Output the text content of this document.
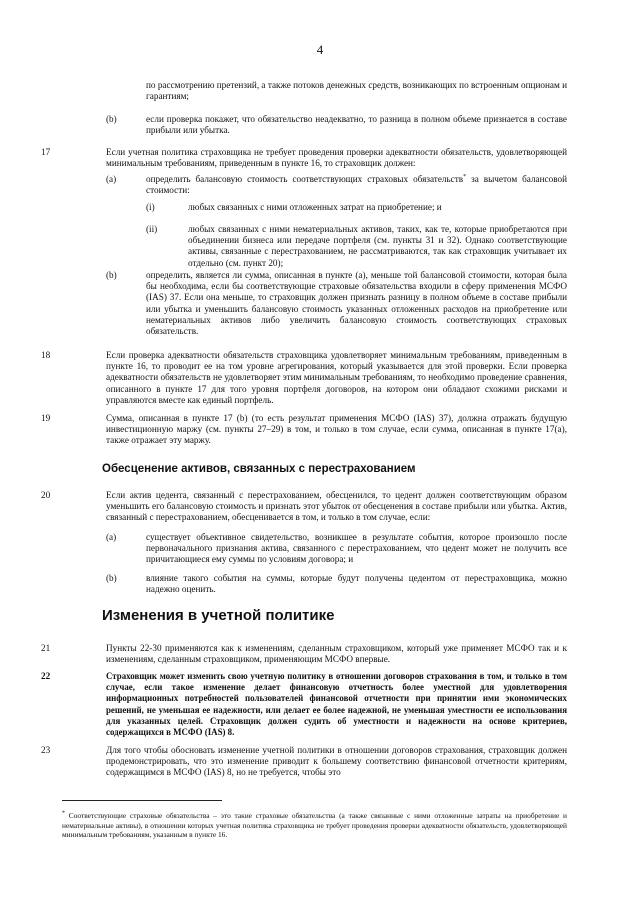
4
по рассмотрению претензий, а также потоков денежных средств, возникающих по встроенным опционам и гарантиям;
(b)	если проверка покажет, что обязательство неадекватно, то разница в полном объеме признается в составе прибыли или убытка.
17	Если учетная политика страховщика не требует проведения проверки адекватности обязательств, удовлетворяющей минимальным требованиям, приведенным в пункте 16, то страховщик должен:
(a)	определить балансовую стоимость соответствующих страховых обязательств* за вычетом балансовой стоимости:
(i)	любых связанных с ними отложенных затрат на приобретение; и
(ii)	любых связанных с ними нематериальных активов, таких, как те, которые приобретаются при объединении бизнеса или передаче портфеля (см. пункты 31 и 32). Однако соответствующие активы, связанные с перестрахованием, не рассматриваются, так как страховщик учитывает их отдельно (см. пункт 20);
(b)	определить, является ли сумма, описанная в пункте (a), меньше той балансовой стоимости, которая была бы необходима, если бы соответствующие страховые обязательства входили в сферу применения МСФО (IAS) 37. Если она меньше, то страховщик должен признать разницу в полном объеме в составе прибыли или убытка и уменьшить балансовую стоимость указанных отложенных расходов на приобретение или нематериальных активов либо увеличить балансовую стоимость соответствующих страховых обязательств.
18	Если проверка адекватности обязательств страховщика удовлетворяет минимальным требованиям, приведенным в пункте 16, то проводит ее на том уровне агрегирования, который указывается для этой проверки. Если проверка адекватности обязательств не удовлетворяет этим минимальным требованиям, то необходимо проведение сравнения, описанного в пункте 17 для того уровня портфеля договоров, на котором они обладают схожими рисками и управляются вместе как единый портфель.
19	Сумма, описанная в пункте 17 (b) (то есть результат применения МСФО (IAS) 37), должна отражать будущую инвестиционную маржу (см. пункты 27–29) в том, и только в том случае, если сумма, описанная в пункте 17(a), также отражает эту маржу.
Обесценение активов, связанных с перестрахованием
20	Если актив цедента, связанный с перестрахованием, обесценился, то цедент должен соответствующим образом уменьшить его балансовую стоимость и признать этот убыток от обесценения в составе прибыли или убытка. Актив, связанный с перестрахованием, обесценивается в том, и только в том случае, если:
(a)	существует объективное свидетельство, возникшее в результате события, которое произошло после первоначального признания актива, связанного с перестрахованием, что цедент может не получить все причитающиеся ему суммы по условиям договора; и
(b)	влияние такого события на суммы, которые будут получены цедентом от перестраховщика, можно надежно оценить.
Изменения в учетной политике
21	Пункты 22-30 применяются как к изменениям, сделанным страховщиком, который уже применяет МСФО так и к изменениям, сделанным страховщиком, применяющим МСФО впервые.
22	Страховщик может изменить свою учетную политику в отношении договоров страхования в том, и только в том случае, если такое изменение делает финансовую отчетность более уместной для удовлетворения информационных потребностей пользователей финансовой отчетности при принятии ими экономических решений, не уменьшая ее надежности, или делает ее более надежной, не уменьшая уместности ее использования для указанных целей. Страховщик должен судить об уместности и надежности на основе критериев, содержащихся в МСФО (IAS) 8.
23	Для того чтобы обосновать изменение учетной политики в отношении договоров страхования, страховщик должен продемонстрировать, что это изменение приводит к большему соответствию финансовой отчетности критериям, содержащимся в МСФО (IAS) 8, но не требуется, чтобы это
* Соответствующие страховые обязательства – это такие страховые обязательства (а также связанные с ними отложенные затраты на приобретение и нематериальные активы), в отношении которых учетная политика страховщика не требует проведения проверки адекватности обязательств, удовлетворяющей минимальным требованиям, указанным в пункте 16.
